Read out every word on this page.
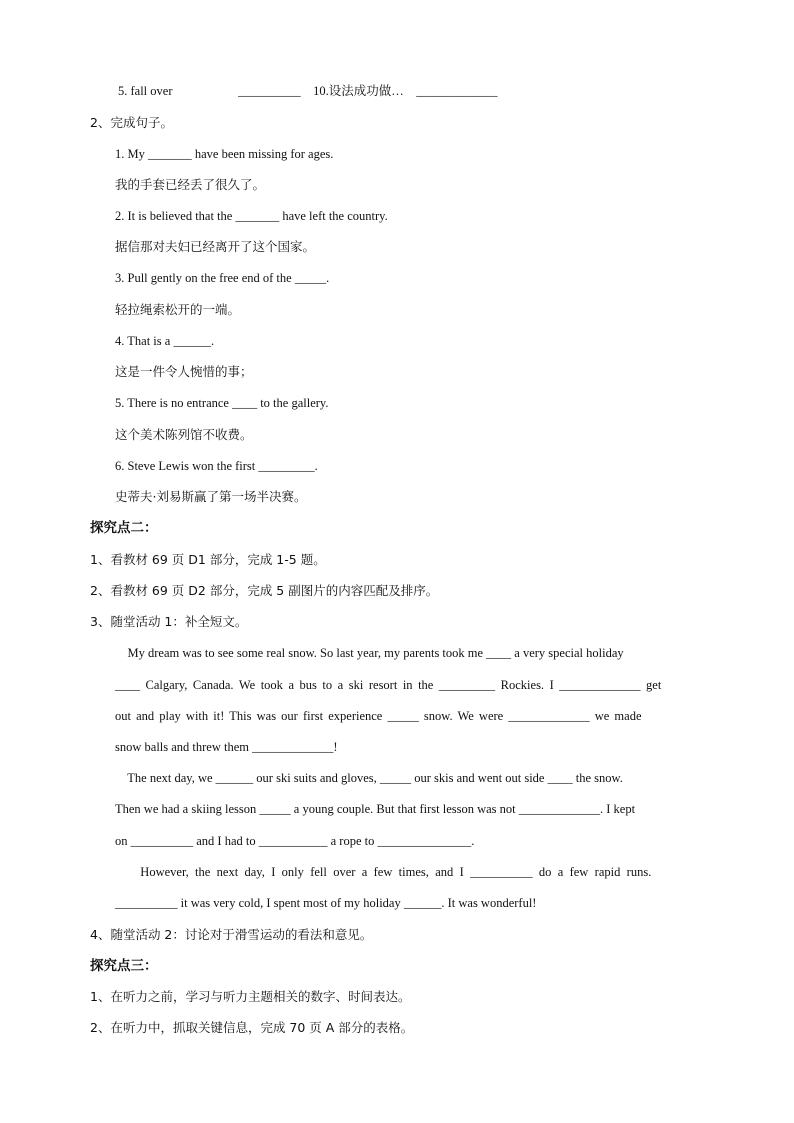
5. fall over                     __________    10.设法成功做…    _____________
2、完成句子。
1. My _______ have been missing for ages.
我的手套已经丢了很久了。
2. It is believed that the _______ have left the country.
据信那对夫妇已经离开了这个国家。
3. Pull gently on the free end of the _____.
轻拉绳索松开的一端。
4. That is a ______.
这是一件令人惋惜的事；
5. There is no entrance ____ to the gallery.
这个美术陈列馆不收费。
6. Steve Lewis won the first _________.
史蒂夫·刘易斯赢了第一场半决赛。
探究点二：
1、看教材 69 页 D1 部分，完成 1-5 题。
2、看教材 69 页 D2 部分，完成 5 副图片的内容匹配及排序。
3、随堂活动 1：补全短文。
My dream was to see some real snow. So last year, my parents took me ____ a very special holiday
____ Calgary, Canada. We took a bus to a ski resort in the _________ Rockies. I _____________ get
out and play with it! This was our first experience _____ snow. We were _____________ we made
snow balls and threw them _____________!
The next day, we ______ our ski suits and gloves, _____ our skis and went out side ____ the snow.
Then we had a skiing lesson _____ a young couple. But that first lesson was not _____________. I kept
on __________ and I had to ___________ a rope to _______________.
However, the next day, I only fell over a few times, and I __________ do a few rapid runs.
__________ it was very cold, I spent most of my holiday ______. It was wonderful!
4、随堂活动 2：讨论对于滑雪运动的看法和意见。
探究点三：
1、在听力之前，学习与听力主题相关的数字、时间表达。
2、在听力中，抓取关键信息，完成 70 页 A 部分的表格。
